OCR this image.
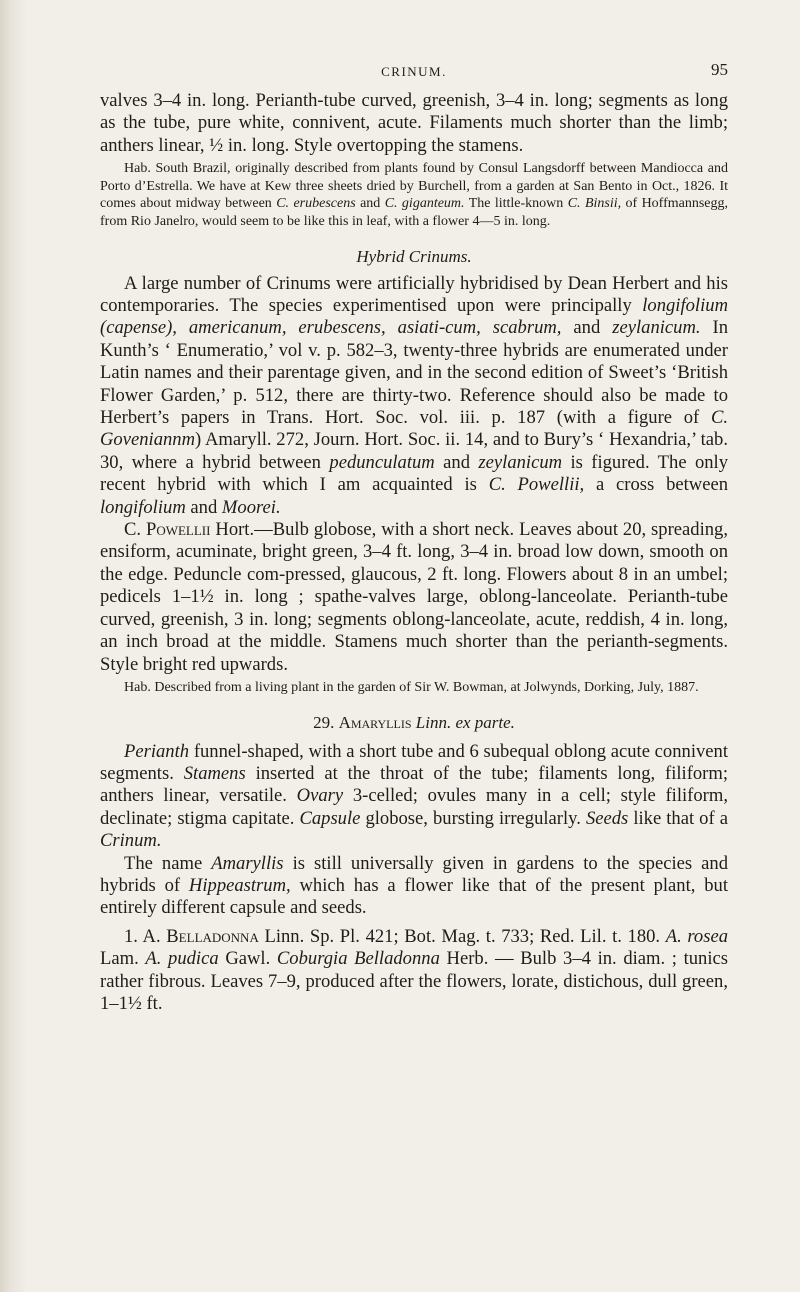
CRINUM.	95

valves 3–4 in. long. Perianth-tube curved, greenish, 3–4 in. long; segments as long as the tube, pure white, connivent, acute. Filaments much shorter than the limb; anthers linear, ½ in. long. Style overtopping the stamens.

Hab. South Brazil, originally described from plants found by Consul Langsdorff between Mandiocca and Porto d’Estrella. We have at Kew three sheets dried by Burchell, from a garden at San Bento in Oct., 1826. It comes about midway between C. erubescens and C. giganteum. The little-known C. Binsii, of Hoffmannsegg, from Rio Janelro, would seem to be like this in leaf, with a flower 4—5 in. long.

Hybrid Crinums.

A large number of Crinums were artificially hybridised by Dean Herbert and his contemporaries. The species experimentised upon were principally longifolium (capense), americanum, erubescens, asiati-cum, scabrum, and zeylanicum. In Kunth’s ‘ Enumeratio,’ vol v. p. 582–3, twenty-three hybrids are enumerated under Latin names and their parentage given, and in the second edition of Sweet’s ‘British Flower Garden,’ p. 512, there are thirty-two. Reference should also be made to Herbert’s papers in Trans. Hort. Soc. vol. iii. p. 187 (with a figure of C. Goveniannm) Amaryll. 272, Journ. Hort. Soc. ii. 14, and to Bury’s ‘ Hexandria,’ tab. 30, where a hybrid between pedunculatum and zeylanicum is figured. The only recent hybrid with which I am acquainted is C. Powellii, a cross between longifolium and Moorei.

C. Powellii Hort.—Bulb globose, with a short neck. Leaves about 20, spreading, ensiform, acuminate, bright green, 3–4 ft. long, 3–4 in. broad low down, smooth on the edge. Peduncle com-pressed, glaucous, 2 ft. long. Flowers about 8 in an umbel; pedicels 1–1½ in. long ; spathe-valves large, oblong-lanceolate. Perianth-tube curved, greenish, 3 in. long; segments oblong-lanceolate, acute, reddish, 4 in. long, an inch broad at the middle. Stamens much shorter than the perianth-segments. Style bright red upwards.

Hab. Described from a living plant in the garden of Sir W. Bowman, at Jolwynds, Dorking, July, 1887.

29. Amaryllis Linn. ex parte.

Perianth funnel-shaped, with a short tube and 6 subequal oblong acute connivent segments. Stamens inserted at the throat of the tube; filaments long, filiform; anthers linear, versatile. Ovary 3-celled; ovules many in a cell; style filiform, declinate; stigma capitate. Capsule globose, bursting irregularly. Seeds like that of a Crinum.

The name Amaryllis is still universally given in gardens to the species and hybrids of Hippeastrum, which has a flower like that of the present plant, but entirely different capsule and seeds.

1. A. Belladonna Linn. Sp. Pl. 421; Bot. Mag. t. 733; Red. Lil. t. 180. A. rosea Lam. A. pudica Gawl. Coburgia Belladonna Herb. — Bulb 3–4 in. diam. ; tunics rather fibrous. Leaves 7–9, produced after the flowers, lorate, distichous, dull green, 1–1½ ft.
